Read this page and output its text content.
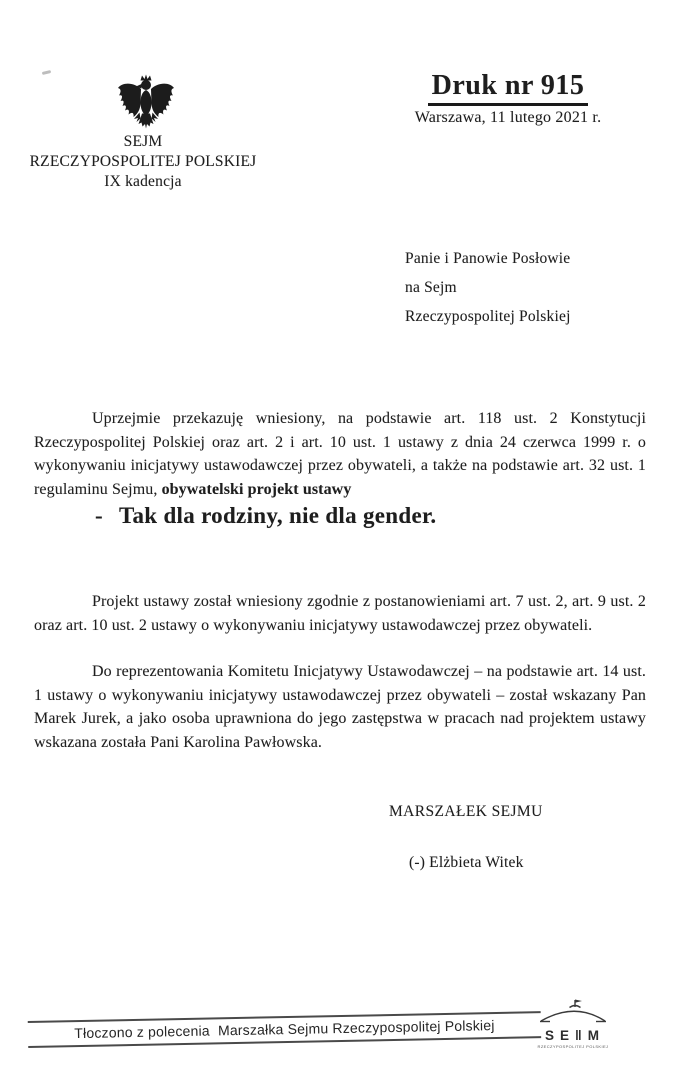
SEJM
RZECZYPOSPOLITEJ POLSKIEJ
IX kadencja
Druk nr 915
Warszawa, 11 lutego 2021 r.
Panie i Panowie Posłowie
na Sejm
Rzeczypospolitej Polskiej

Uprzejmie przekazuję wniesiony, na podstawie art. 118 ust. 2 Konstytucji Rzeczypospolitej Polskiej oraz art. 2 i art. 10 ust. 1 ustawy z dnia 24 czerwca 1999 r. o wykonywaniu inicjatywy ustawodawczej przez obywateli, a także na podstawie art. 32 ust. 1 regulaminu Sejmu, obywatelski projekt ustawy

- Tak dla rodziny, nie dla gender.

Projekt ustawy został wniesiony zgodnie z postanowieniami art. 7 ust. 2, art. 9 ust. 2 oraz art. 10 ust. 2 ustawy o wykonywaniu inicjatywy ustawodawczej przez obywateli.

Do reprezentowania Komitetu Inicjatywy Ustawodawczej – na podstawie art. 14 ust. 1 ustawy o wykonywaniu inicjatywy ustawodawczej przez obywateli – został wskazany Pan Marek Jurek, a jako osoba uprawniona do jego zastępstwa w pracach nad projektem ustawy wskazana została Pani Karolina Pawłowska.

MARSZAŁEK SEJMU
(-) Elżbieta Witek
Tłoczono z polecenia  Marszałka Sejmu Rzeczypospolitej Polskiej	SE‖M
RZECZYPOSPOLITEJ POLSKIEJ
